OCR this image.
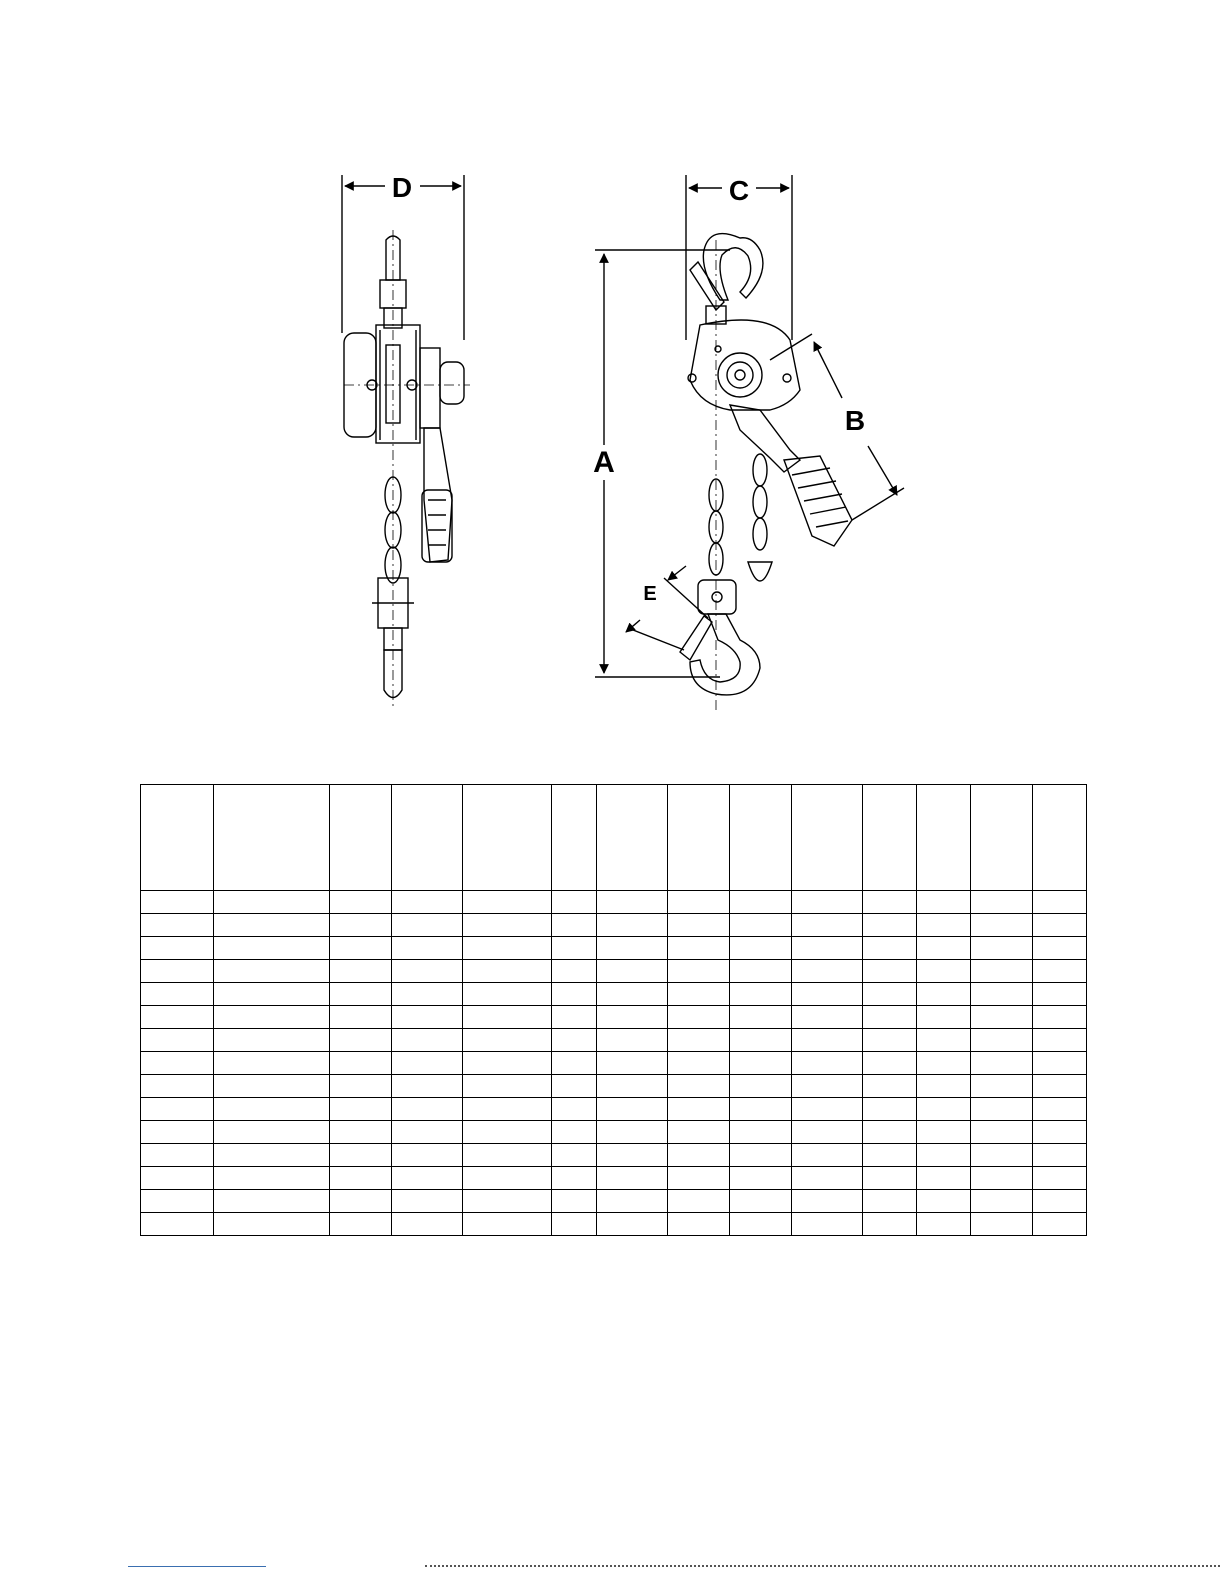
D	C
A
B
E
